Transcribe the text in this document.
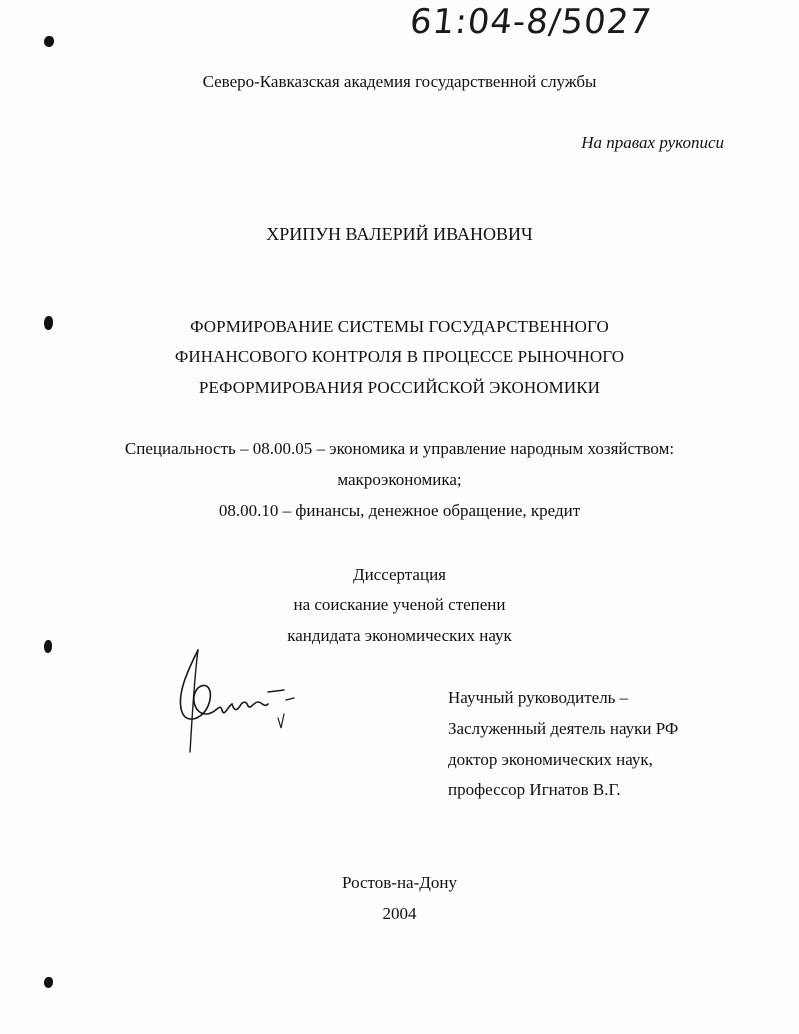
61:04-8/5027
Северо-Кавказская академия государственной службы
На правах рукописи
ХРИПУН ВАЛЕРИЙ ИВАНОВИЧ
ФОРМИРОВАНИЕ СИСТЕМЫ ГОСУДАРСТВЕННОГО
ФИНАНСОВОГО КОНТРОЛЯ В ПРОЦЕССЕ РЫНОЧНОГО
РЕФОРМИРОВАНИЯ РОССИЙСКОЙ ЭКОНОМИКИ
Специальность – 08.00.05 – экономика и управление народным хозяйством:
макроэкономика;
08.00.10 – финансы, денежное обращение, кредит
Диссертация
на соискание ученой степени
кандидата экономических наук
Научный руководитель –
Заслуженный деятель науки РФ
доктор экономических наук,
профессор Игнатов В.Г.
Ростов-на-Дону
2004
